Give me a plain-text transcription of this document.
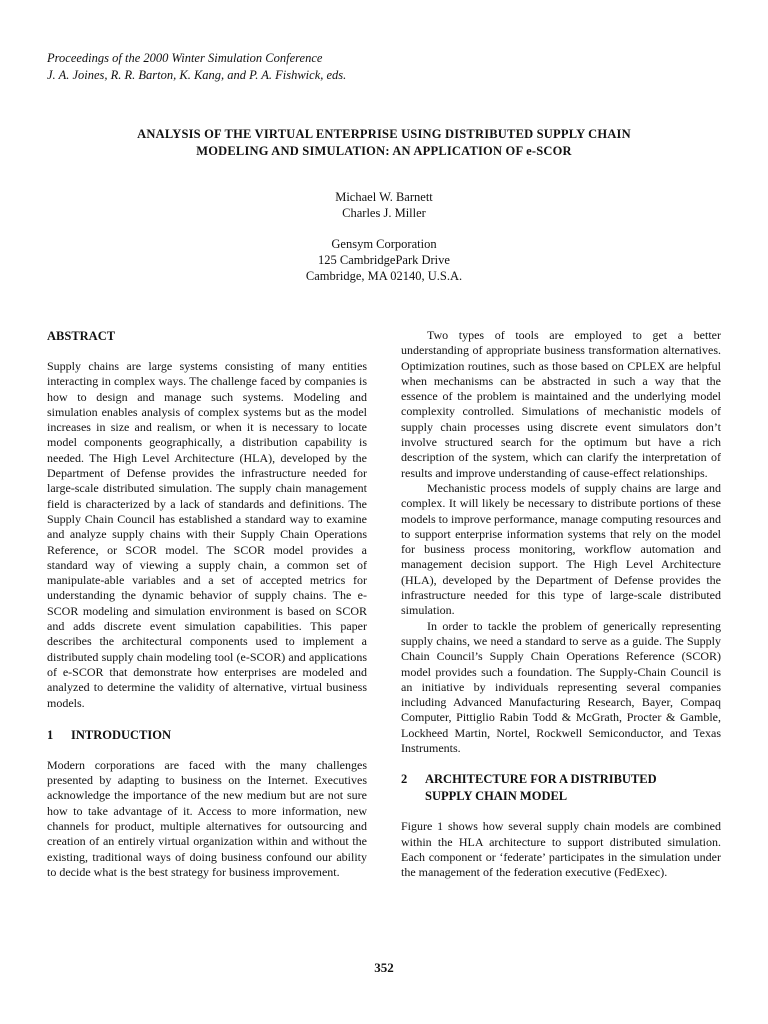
Proceedings of the 2000 Winter Simulation Conference
J. A. Joines, R. R. Barton, K. Kang, and P. A. Fishwick, eds.
ANALYSIS OF THE VIRTUAL ENTERPRISE USING DISTRIBUTED SUPPLY CHAIN
MODELING AND SIMULATION: AN APPLICATION OF e-SCOR
Michael W. Barnett
Charles J. Miller
Gensym Corporation
125 CambridgePark Drive
Cambridge, MA 02140, U.S.A.
ABSTRACT

Supply chains are large systems consisting of many entities interacting in complex ways. The challenge faced by companies is how to design and manage such systems. Modeling and simulation enables analysis of complex systems but as the model increases in size and realism, or when it is necessary to locate model components geographically, a distribution capability is needed. The High Level Architecture (HLA), developed by the Department of Defense provides the infrastructure needed for large-scale distributed simulation. The supply chain management field is characterized by a lack of standards and definitions. The Supply Chain Council has established a standard way to examine and analyze supply chains with their Supply Chain Operations Reference, or SCOR model. The SCOR model provides a standard way of viewing a supply chain, a common set of manipulate-able variables and a set of accepted metrics for understanding the dynamic behavior of supply chains. The e-SCOR modeling and simulation environment is based on SCOR and adds discrete event simulation capabilities. This paper describes the architectural components used to implement a distributed supply chain modeling tool (e-SCOR) and applications of e-SCOR that demonstrate how enterprises are modeled and analyzed to determine the validity of alternative, virtual business models.

1	INTRODUCTION

Modern corporations are faced with the many challenges presented by adapting to business on the Internet. Executives acknowledge the importance of the new medium but are not sure how to take advantage of it. Access to more information, new channels for product, multiple alternatives for outsourcing and creation of an entirely virtual organization within and without the existing, traditional ways of doing business confound our ability to decide what is the best strategy for business improvement.

Two types of tools are employed to get a better understanding of appropriate business transformation alternatives. Optimization routines, such as those based on CPLEX are helpful when mechanisms can be abstracted in such a way that the essence of the problem is maintained and the underlying model complexity controlled. Simulations of mechanistic models of supply chain processes using discrete event simulators don’t involve structured search for the optimum but have a rich description of the system, which can clarify the interpretation of results and improve understanding of cause-effect relationships.

Mechanistic process models of supply chains are large and complex. It will likely be necessary to distribute portions of these models to improve performance, manage computing resources and to support enterprise information systems that rely on the model for business process monitoring, workflow automation and management decision support. The High Level Architecture (HLA), developed by the Department of Defense provides the infrastructure needed for this type of large-scale distributed simulation.

In order to tackle the problem of generically representing supply chains, we need a standard to serve as a guide. The Supply Chain Council’s Supply Chain Operations Reference (SCOR) model provides such a foundation. The Supply-Chain Council is an initiative by individuals representing several companies including Advanced Manufacturing Research, Bayer, Compaq Computer, Pittiglio Rabin Todd & McGrath, Procter & Gamble, Lockheed Martin, Nortel, Rockwell Semiconductor, and Texas Instruments.

2	ARCHITECTURE FOR A DISTRIBUTED
SUPPLY CHAIN MODEL

Figure 1 shows how several supply chain models are combined within the HLA architecture to support distributed simulation. Each component or ‘federate’ participates in the simulation under the management of the federation executive (FedExec).

352
